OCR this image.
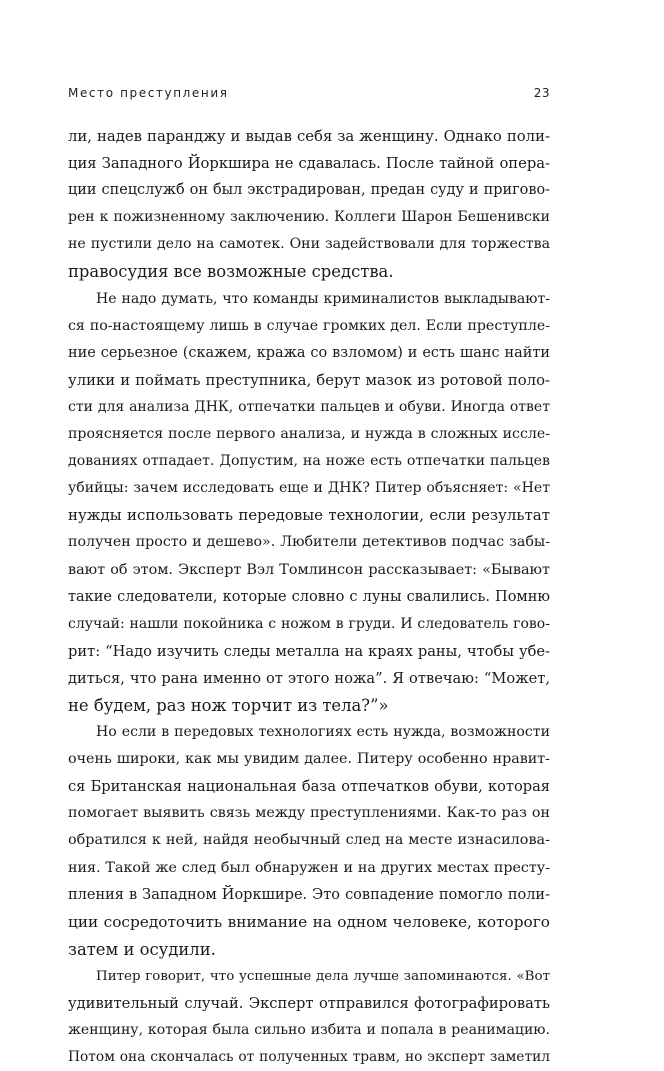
Место преступления	23
ли, надев паранджу и выдав себя за женщину. Однако поли-
ция Западного Йоркшира не сдавалась. После тайной опера-
ции спецслужб он был экстрадирован, предан суду и пригово-
рен к пожизненному заключению. Коллеги Шарон Бешенивски
не пустили дело на самотек. Они задействовали для торжества
правосудия все возможные средства.
Не надо думать, что команды криминалистов выкладывают-
ся по-настоящему лишь в случае громких дел. Если преступле-
ние серьезное (скажем, кража со взломом) и есть шанс найти
улики и поймать преступника, берут мазок из ротовой поло-
сти для анализа ДНК, отпечатки пальцев и обуви. Иногда ответ
проясняется после первого анализа, и нужда в сложных иссле-
дованиях отпадает. Допустим, на ноже есть отпечатки пальцев
убийцы: зачем исследовать еще и ДНК? Питер объясняет: «Нет
нужды использовать передовые технологии, если результат
получен просто и дешево». Любители детективов подчас забы-
вают об этом. Эксперт Вэл Томлинсон рассказывает: «Бывают
такие следователи, которые словно с луны свалились. Помню
случай: нашли покойника с ножом в груди. И следователь гово-
рит: “Надо изучить следы металла на краях раны, чтобы убе-
диться, что рана именно от этого ножа”. Я отвечаю: “Может,
не будем, раз нож торчит из тела?”»
Но если в передовых технологиях есть нужда, возможности
очень широки, как мы увидим далее. Питеру особенно нравит-
ся Британская национальная база отпечатков обуви, которая
помогает выявить связь между преступлениями. Как-то раз он
обратился к ней, найдя необычный след на месте изнасилова-
ния. Такой же след был обнаружен и на других местах престу-
пления в Западном Йоркшире. Это совпадение помогло поли-
ции сосредоточить внимание на одном человеке, которого
затем и осудили.
Питер говорит, что успешные дела лучше запоминаются. «Вот
удивительный случай. Эксперт отправился фотографировать
женщину, которая была сильно избита и попала в реанимацию.
Потом она скончалась от полученных травм, но эксперт заметил
